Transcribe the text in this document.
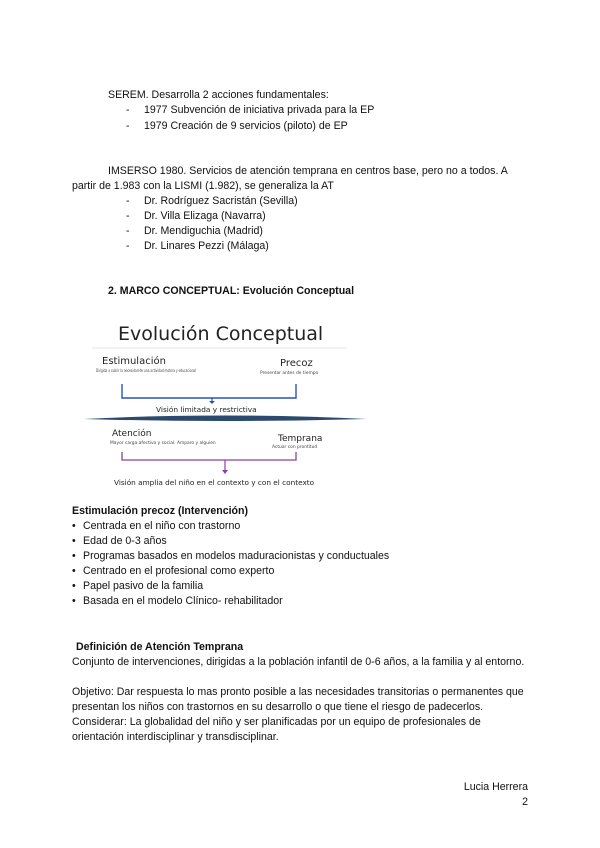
SEREM. Desarrolla 2 acciones fundamentales:
- 1977 Subvención de iniciativa privada para la EP
- 1979 Creación de 9 servicios (piloto) de EP
IMSERSO 1980. Servicios de atención temprana en centros base, pero no a todos. A
partir de 1.983 con la LISMI (1.982), se generaliza la AT
- Dr. Rodríguez Sacristán (Sevilla)
- Dr. Villa Elizaga (Navarra)
- Dr. Mendiguchia (Madrid)
- Dr. Linares Pezzi (Málaga)
2. MARCO CONCEPTUAL: Evolución Conceptual
Evolución Conceptual
Estimulación
Dirigida a cubrir la necesidad de una actividad motora y educacional
Precoz
Presentar antes de tiempo
Visión limitada y restrictiva
Atención
Mayor carga afectiva y social. Amparo y alguien	Temprana
Actuar con prontitud
Visión amplia del niño en el contexto y con el contexto
Estimulación precoz (Intervención)
• Centrada en el niño con trastorno
• Edad de 0-3 años
• Programas basados en modelos maduracionistas y conductuales
• Centrado en el profesional como experto
• Papel pasivo de la familia
• Basada en el modelo Clínico- rehabilitador
Definición de Atención Temprana
Conjunto de intervenciones, dirigidas a la población infantil de 0-6 años, a la familia y al entorno.
Objetivo: Dar respuesta lo mas pronto posible a las necesidades transitorias o permanentes que presentan los niños con trastornos en su desarrollo o que tiene el riesgo de padecerlos.
Considerar: La globalidad del niño y ser planificadas por un equipo de profesionales de orientación interdisciplinar y transdisciplinar.
Lucia Herrera
2
